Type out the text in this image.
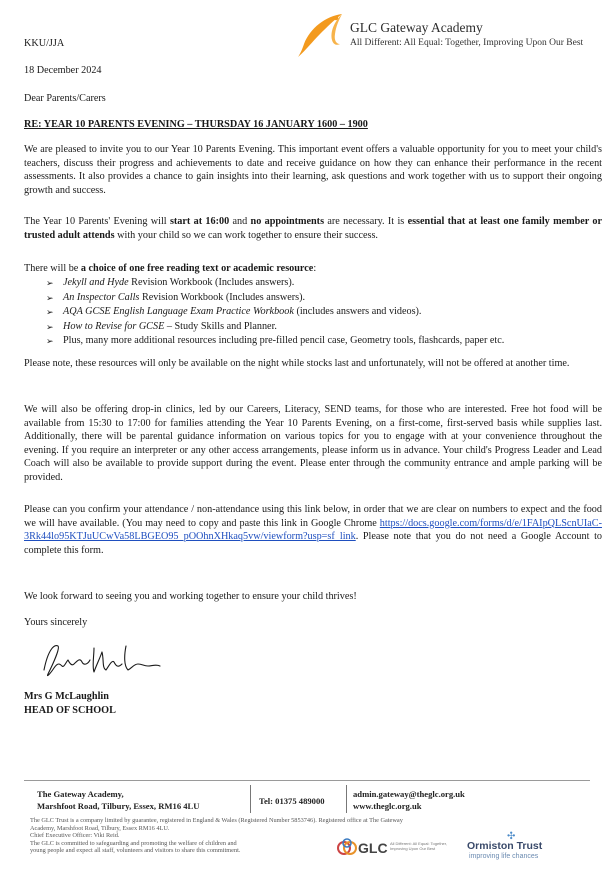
GLC Gateway Academy
All Different: All Equal: Together, Improving Upon Our Best
KKU/JJA
18 December 2024
Dear Parents/Carers
RE: YEAR 10 PARENTS EVENING – THURSDAY 16 JANUARY 1600 – 1900

We are pleased to invite you to our Year 10 Parents Evening. This important event offers a valuable opportunity for you to meet your child's teachers, discuss their progress and achievements to date and receive guidance on how they can enhance their performance in the recent assessments. It also provides a chance to gain insights into their learning, ask questions and work together with us to support their ongoing growth and success.

The Year 10 Parents' Evening will start at 16:00 and no appointments are necessary. It is essential that at least one family member or trusted adult attends with your child so we can work together to ensure their success.

There will be a choice of one free reading text or academic resource:

➢ Jekyll and Hyde Revision Workbook (Includes answers).
➢ An Inspector Calls Revision Workbook (Includes answers).
➢ AQA GCSE English Language Exam Practice Workbook (includes answers and videos).
➢ How to Revise for GCSE – Study Skills and Planner.
➢ Plus, many more additional resources including pre-filled pencil case, Geometry tools, flashcards, paper etc.

Please note, these resources will only be available on the night while stocks last and unfortunately, will not be offered at another time.

We will also be offering drop-in clinics, led by our Careers, Literacy, SEND teams, for those who are interested. Free hot food will be available from 15:30 to 17:00 for families attending the Year 10 Parents Evening, on a first-come, first-served basis while supplies last. Additionally, there will be parental guidance information on various topics for you to engage with at your convenience throughout the evening. If you require an interpreter or any other access arrangements, please inform us in advance. Your child's Progress Leader and Lead Coach will also be available to provide support during the event. Please enter through the community entrance and ample parking will be provided.

Please can you confirm your attendance / non-attendance using this link below, in order that we are clear on numbers to expect and the food we will have available. (You may need to copy and paste this link in Google Chrome https://docs.google.com/forms/d/e/1FAIpQLScnUIaC-3Rk44lo95KTJuUCwVa58LBGEO95_pOOhnXHkaq5vw/viewform?usp=sf_link. Please note that you do not need a Google Account to complete this form.

We look forward to seeing you and working together to ensure your child thrives!

Yours sincerely
Mrs G McLaughlin
HEAD OF SCHOOL
The Gateway Academy,
Marshfoot Road, Tilbury, Essex, RM16 4LU	Tel: 01375 489000
admin.gateway@theglc.org.uk
www.theglc.org.uk
The GLC Trust is a company limited by guarantee, registered in England & Wales (Registered Number 5853746). Registered office at The Gateway
Academy, Marshfoot Road, Tilbury, Essex RM16 4LU.
Chief Executive Officer: Viki Reid.
The GLC is committed to safeguarding and promoting the welfare of children and
young people and expect all staff, volunteers and visitors to share this commitment.	GLC All Different: All Equal: Together, Improving Upon Our Best
✣
Ormiston Trust
improving life chances
